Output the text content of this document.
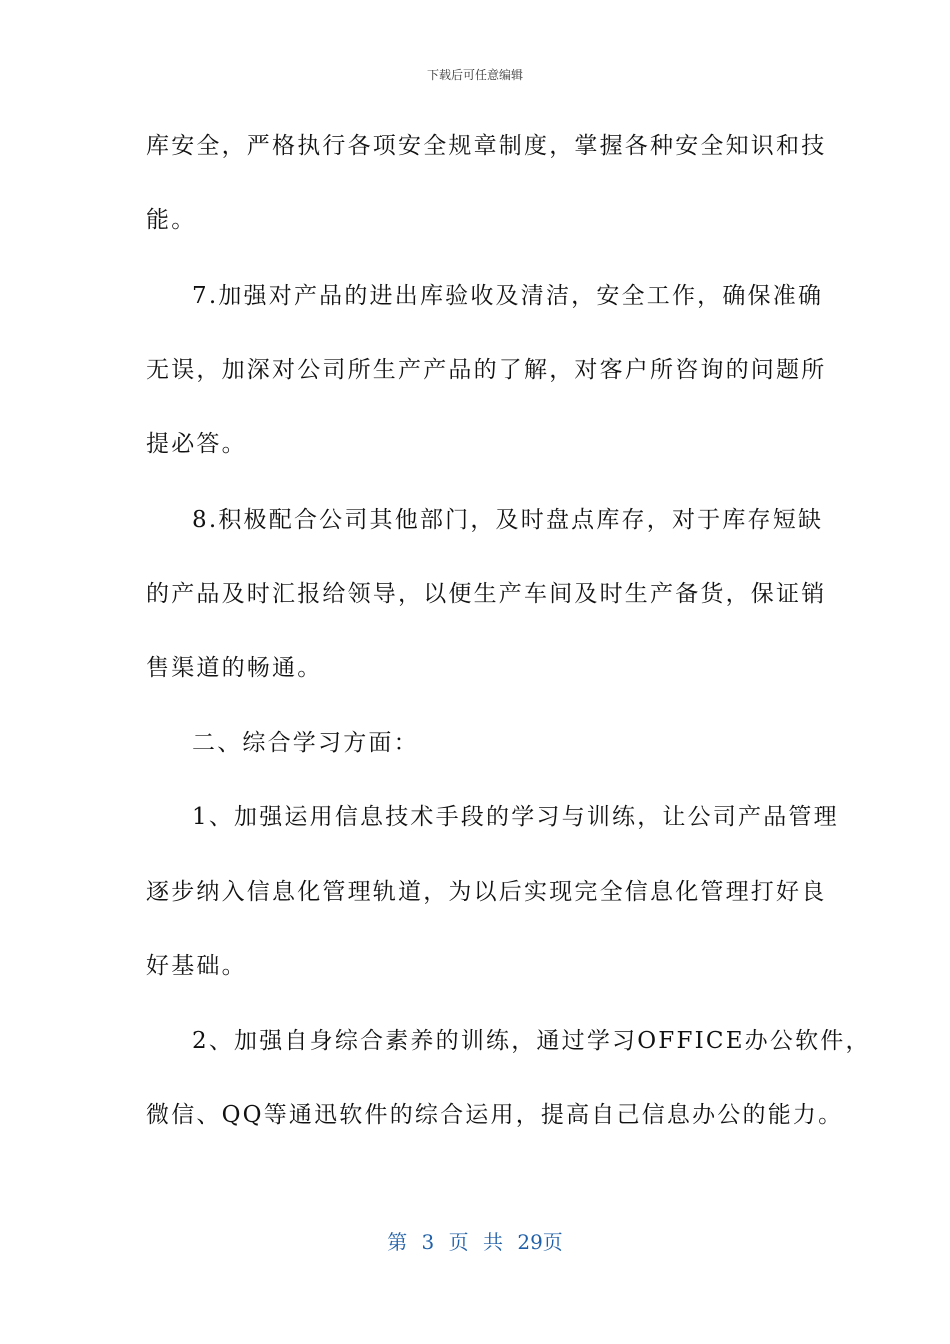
下载后可任意编辑
库安全，严格执行各项安全规章制度，掌握各种安全知识和技
能。
7.加强对产品的进出库验收及清洁，安全工作，确保准确
无误，加深对公司所生产产品的了解，对客户所咨询的问题所
提必答。
8.积极配合公司其他部门，及时盘点库存，对于库存短缺
的产品及时汇报给领导，以便生产车间及时生产备货，保证销
售渠道的畅通。
二、综合学习方面：
1、加强运用信息技术手段的学习与训练，让公司产品管理
逐步纳入信息化管理轨道，为以后实现完全信息化管理打好良
好基础。
2、加强自身综合素养的训练，通过学习OFFICE办公软件，
微信、QQ等通迅软件的综合运用，提高自己信息办公的能力。
第 3 页 共 29页
